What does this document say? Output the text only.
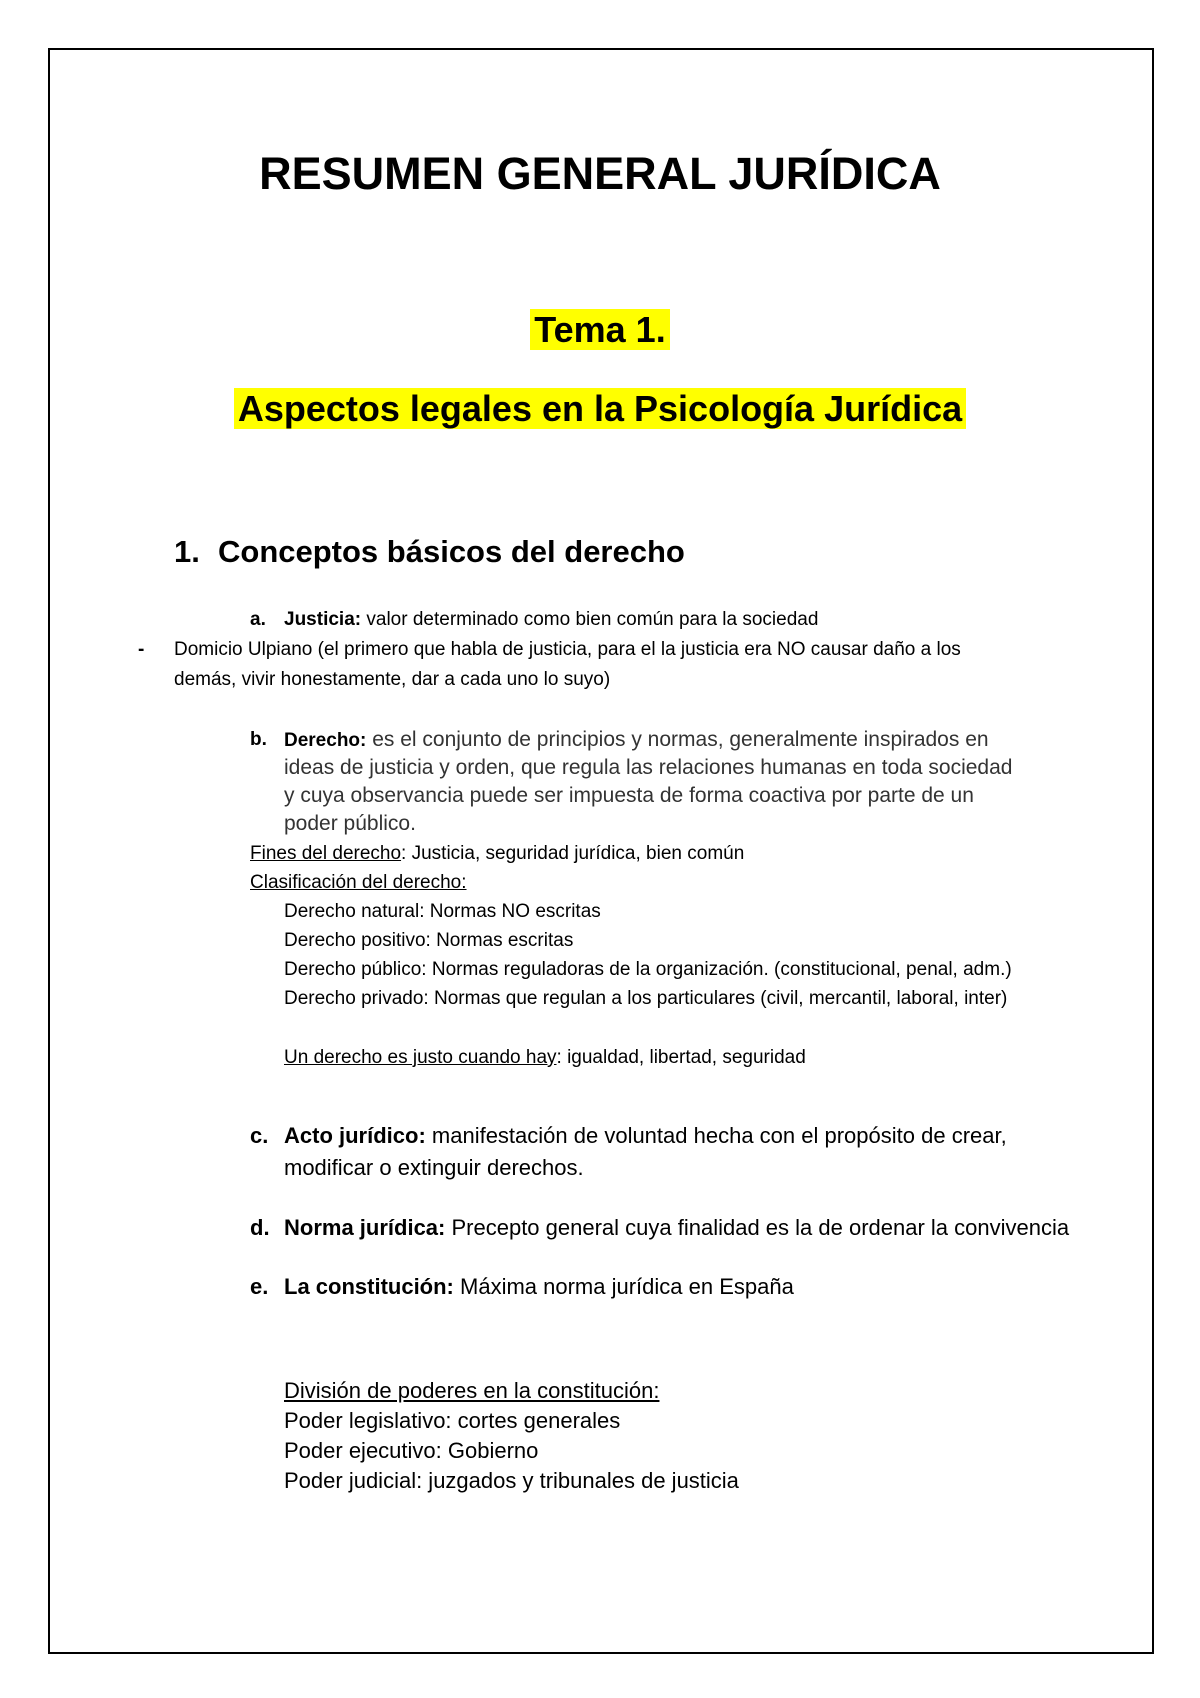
RESUMEN GENERAL JURÍDICA
Tema 1.
Aspectos legales en la Psicología Jurídica
1. Conceptos básicos del derecho
a. Justicia: valor determinado como bien común para la sociedad
- Domicio Ulpiano (el primero que habla de justicia, para el la justicia era NO causar daño a los
demás, vivir honestamente, dar a cada uno lo suyo)
b. Derecho: es el conjunto de principios y normas, generalmente inspirados en
ideas de justicia y orden, que regula las relaciones humanas en toda sociedad
y cuya observancia puede ser impuesta de forma coactiva por parte de un
poder público.
Fines del derecho: Justicia, seguridad jurídica, bien común
Clasificación del derecho:
Derecho natural: Normas NO escritas
Derecho positivo: Normas escritas
Derecho público: Normas reguladoras de la organización. (constitucional, penal, adm.)
Derecho privado: Normas que regulan a los particulares (civil, mercantil, laboral, inter)
Un derecho es justo cuando hay: igualdad, libertad, seguridad
c. Acto jurídico: manifestación de voluntad hecha con el propósito de crear,
modificar o extinguir derechos.
d. Norma jurídica: Precepto general cuya finalidad es la de ordenar la convivencia
e. La constitución: Máxima norma jurídica en España
División de poderes en la constitución:
Poder legislativo: cortes generales
Poder ejecutivo: Gobierno
Poder judicial: juzgados y tribunales de justicia
